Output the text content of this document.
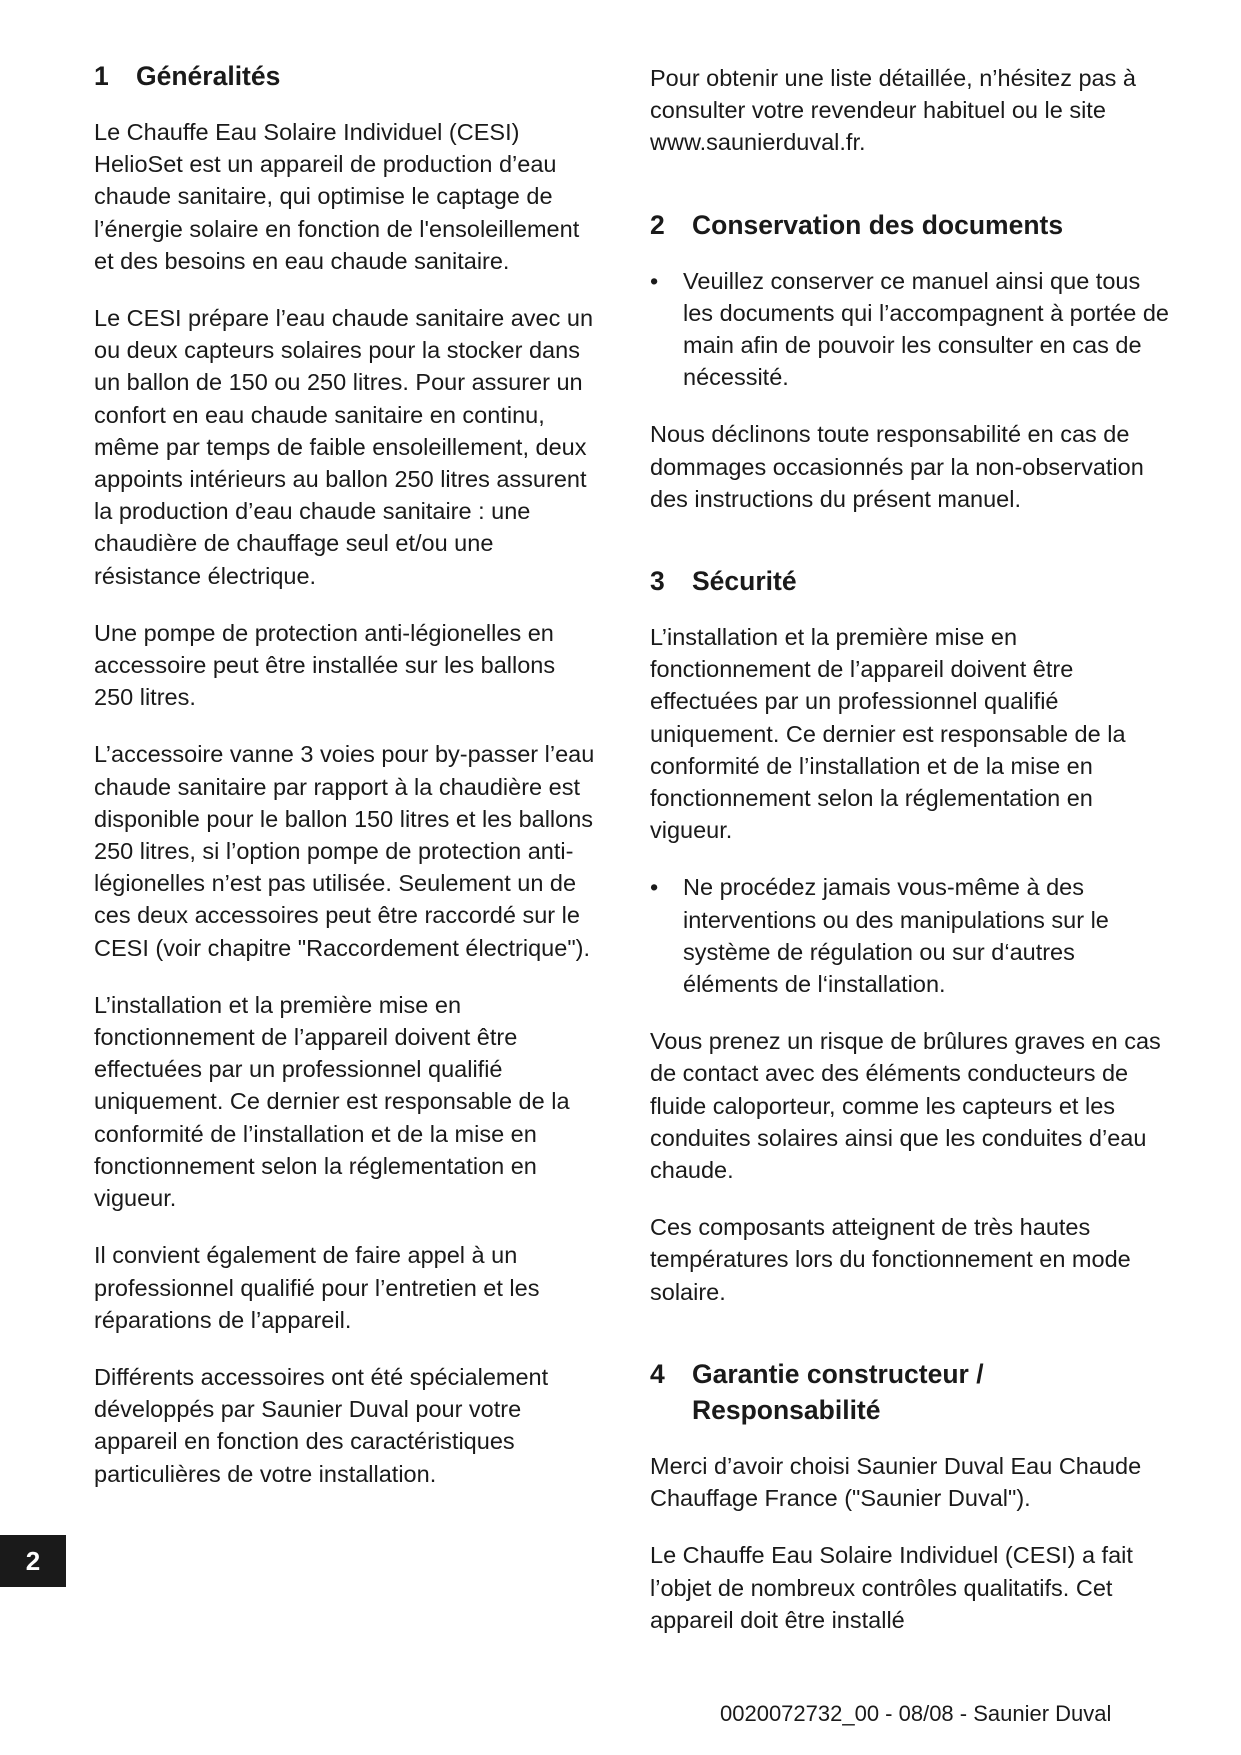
1	Généralités

Le Chauffe Eau Solaire Individuel (CESI) HelioSet est un appareil de production d’eau chaude sanitaire, qui optimise le captage de l’énergie solaire en fonction de l'ensoleillement et des besoins en eau chaude sanitaire.

Le CESI prépare l’eau chaude sanitaire avec un ou deux capteurs solaires pour la stocker dans un ballon de 150 ou 250 litres. Pour assurer un confort en eau chaude sanitaire en continu, même par temps de faible ensoleillement, deux appoints intérieurs au ballon 250 litres assurent la production d’eau chaude sanitaire : une chaudière de chauffage seul et/ou une résistance électrique.

Une pompe de protection anti-légionelles en accessoire peut être installée sur les ballons 250 litres.

L’accessoire vanne 3 voies pour by-passer l’eau chaude sanitaire par rapport à la chaudière est disponible pour le ballon 150 litres et les ballons 250 litres, si l’option pompe de protection anti-légionelles n’est pas utilisée. Seulement un de ces deux accessoires peut être raccordé sur le CESI (voir chapitre "Raccordement électrique").

L’installation et la première mise en fonctionnement de l’appareil doivent être effectuées par un professionnel qualifié uniquement. Ce dernier est responsable de la conformité de l’installation et de la mise en fonctionnement selon la réglementation en vigueur.

Il convient également de faire appel à un professionnel qualifié pour l’entretien et les réparations de l’appareil.

Différents accessoires ont été spécialement développés par Saunier Duval pour votre appareil en fonction des caractéristiques particulières de votre installation.

Pour obtenir une liste détaillée, n’hésitez pas à consulter votre revendeur habituel ou le site www.saunierduval.fr.

2	Conservation des documents
•	Veuillez conserver ce manuel ainsi que tous les documents qui l’accompagnent à portée de main afin de pouvoir les consulter en cas de nécessité.

Nous déclinons toute responsabilité en cas de dommages occasionnés par la non-observation des instructions du présent manuel.

3	Sécurité

L’installation et la première mise en fonctionnement de l’appareil doivent être effectuées par un professionnel qualifié uniquement. Ce dernier est responsable de la conformité de l’installation et de la mise en fonctionnement selon la réglementation en vigueur.

•	Ne procédez jamais vous-même à des interventions ou des manipulations sur le système de régulation ou sur d‘autres éléments de l‘installation.

Vous prenez un risque de brûlures graves en cas de contact avec des éléments conducteurs de fluide caloporteur, comme les capteurs et les conduites solaires ainsi que les conduites d’eau chaude.

Ces composants atteignent de très hautes températures lors du fonctionnement en mode solaire.

4	Garantie constructeur / Responsabilité

Merci d’avoir choisi Saunier Duval Eau Chaude Chauffage France ("Saunier Duval").

Le Chauffe Eau Solaire Individuel (CESI) a fait l’objet de nombreux contrôles qualitatifs. Cet appareil doit être installé

2
0020072732_00 - 08/08 - Saunier Duval
